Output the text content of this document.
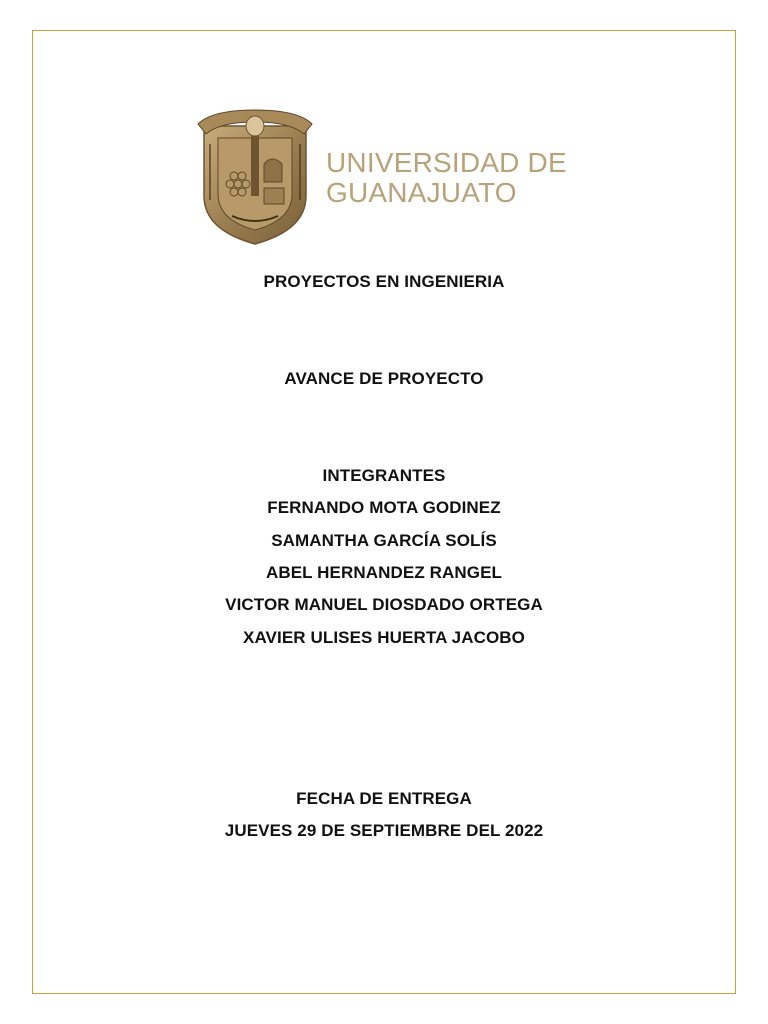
UNIVERSIDAD DE
GUANAJUATO
PROYECTOS EN INGENIERIA
AVANCE DE PROYECTO
INTEGRANTES
FERNANDO MOTA GODINEZ
SAMANTHA GARCÍA SOLÍS
ABEL HERNANDEZ RANGEL
VICTOR MANUEL DIOSDADO ORTEGA
XAVIER ULISES HUERTA JACOBO
FECHA DE ENTREGA
JUEVES 29 DE SEPTIEMBRE DEL 2022
